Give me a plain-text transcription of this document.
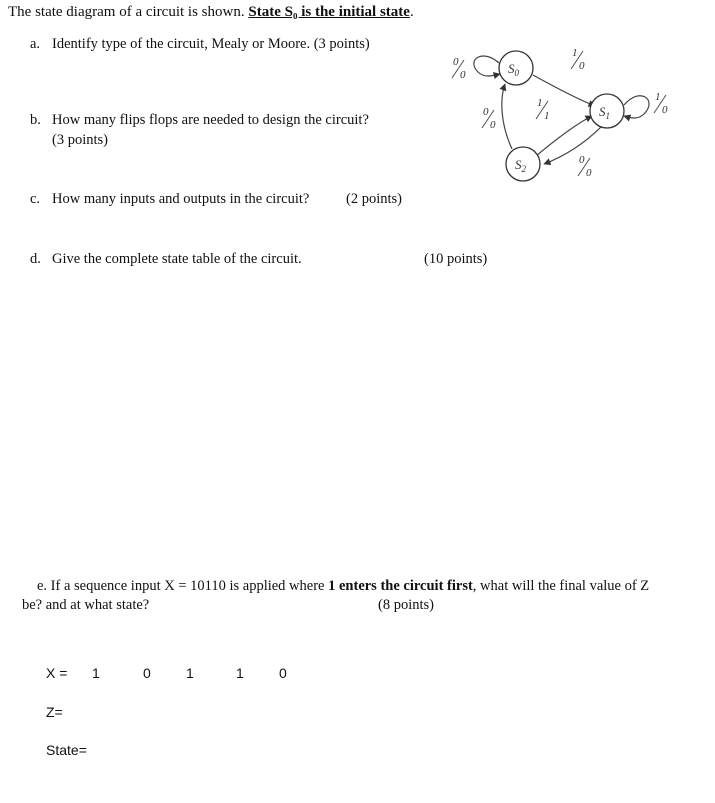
The state diagram of a circuit is shown. State S₀ is the initial state.
a. Identify type of the circuit, Mealy or Moore. (3 points)
b. How many flips flops are needed to design the circuit?
(3 points)
c. How many inputs and outputs in the circuit?	(2 points)
d. Give the complete state table of the circuit.	(10 points)
e. If a sequence input X = 10110 is applied where 1 enters the circuit first, what will the final value of Z
be? and at what state?	(8 points)
X = 1	0	1	1	0
Z=
State=
$S_0$
$S_1$
$S_2$
0
0
1
0
1
0
1
1
0
0
0
0
